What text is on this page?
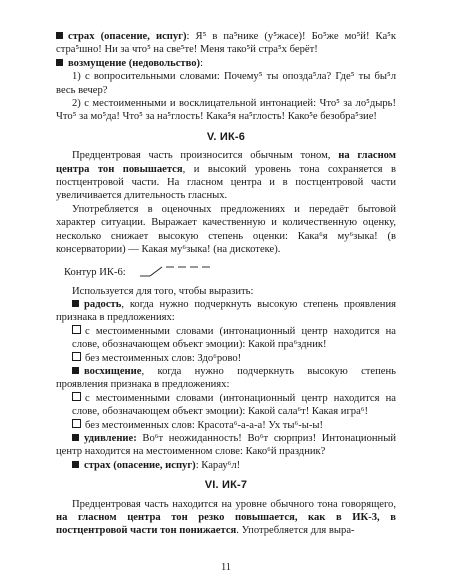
страх (опасение, испуг): Я⁵ в па⁵нике (у⁵жасе)! Бо⁵же мо⁵й! Ка⁵к стра⁵шно! Ни за что⁵ на све⁵те! Меня тако⁵й стра⁵х берёт!

возмущение (недовольство):

1) с вопросительными словами: Почему⁵ ты опозда⁵ла? Где⁵ ты бы⁵л весь вечер?

2) с местоименными и восклицательной интонацией: Что⁵ за ло⁵дырь! Что⁵ за мо⁵да! Что⁵ за на⁵глость! Кака⁵я на⁵глость! Како⁵е безобра⁵зие!

V. ИК-6

Предцентровая часть произносится обычным тоном, на гласном центра тон повышается, и высокий уровень тона сохраняется в постцентровой части. На гласном центра и в постцентровой части увеличивается длительность гласных.

Употребляется в оценочных предложениях и передаёт бытовой характер ситуации. Выражает качественную и количественную оценку, несколько снижает высокую степень оценки: Кака⁶я му⁶зыка! (в консерватории) — Какая му⁶зыка! (на дискотеке).

Контур ИК-6:

Используется для того, чтобы выразить:

радость, когда нужно подчеркнуть высокую степень проявления признака в предложениях:

с местоименными словами (интонационный центр находится на слове, обозначающем объект эмоции): Какой пра⁶здник!

без местоименных слов: Здо⁶рово!

восхищение, когда нужно подчеркнуть высокую степень проявления признака в предложениях:

с местоименными словами (интонационный центр находится на слове, обозначающем объект эмоции): Какой сала⁶т! Какая игра⁶!

без местоименных слов: Красота⁶-а-а-а! Ух ты⁶-ы-ы!

удивление: Во⁶т неожиданность! Во⁶т сюрприз! Интонационный центр находится на местоименном слове: Како⁶й праздник?

страх (опасение, испуг): Карау⁶л!

VI. ИК-7

Предцентровая часть находится на уровне обычного тона говорящего, на гласном центра тон резко повышается, как в ИК-3, в постцентровой части тон понижается. Употребляется для выра-

11
